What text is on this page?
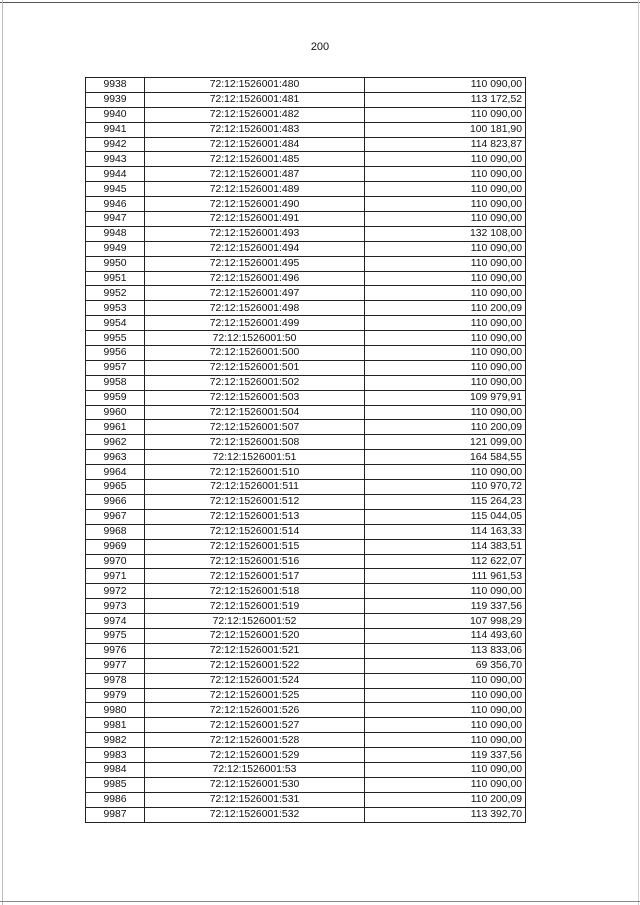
200
9938	72:12:1526001:480	110 090,00
9939	72:12:1526001:481	113 172,52
9940	72:12:1526001:482	110 090,00
9941	72:12:1526001:483	100 181,90
9942	72:12:1526001:484	114 823,87
9943	72:12:1526001:485	110 090,00
9944	72:12:1526001:487	110 090,00
9945	72:12:1526001:489	110 090,00
9946	72:12:1526001:490	110 090,00
9947	72:12:1526001:491	110 090,00
9948	72:12:1526001:493	132 108,00
9949	72:12:1526001:494	110 090,00
9950	72:12:1526001:495	110 090,00
9951	72:12:1526001:496	110 090,00
9952	72:12:1526001:497	110 090,00
9953	72:12:1526001:498	110 200,09
9954	72:12:1526001:499	110 090,00
9955	72:12:1526001:50	110 090,00
9956	72:12:1526001:500	110 090,00
9957	72:12:1526001:501	110 090,00
9958	72:12:1526001:502	110 090,00
9959	72:12:1526001:503	109 979,91
9960	72:12:1526001:504	110 090,00
9961	72:12:1526001:507	110 200,09
9962	72:12:1526001:508	121 099,00
9963	72:12:1526001:51	164 584,55
9964	72:12:1526001:510	110 090,00
9965	72:12:1526001:511	110 970,72
9966	72:12:1526001:512	115 264,23
9967	72:12:1526001:513	115 044,05
9968	72:12:1526001:514	114 163,33
9969	72:12:1526001:515	114 383,51
9970	72:12:1526001:516	112 622,07
9971	72:12:1526001:517	111 961,53
9972	72:12:1526001:518	110 090,00
9973	72:12:1526001:519	119 337,56
9974	72:12:1526001:52	107 998,29
9975	72:12:1526001:520	114 493,60
9976	72:12:1526001:521	113 833,06
9977	72:12:1526001:522	69 356,70
9978	72:12:1526001:524	110 090,00
9979	72:12:1526001:525	110 090,00
9980	72:12:1526001:526	110 090,00
9981	72:12:1526001:527	110 090,00
9982	72:12:1526001:528	110 090,00
9983	72:12:1526001:529	119 337,56
9984	72:12:1526001:53	110 090,00
9985	72:12:1526001:530	110 090,00
9986	72:12:1526001:531	110 200,09
9987	72:12:1526001:532	113 392,70
